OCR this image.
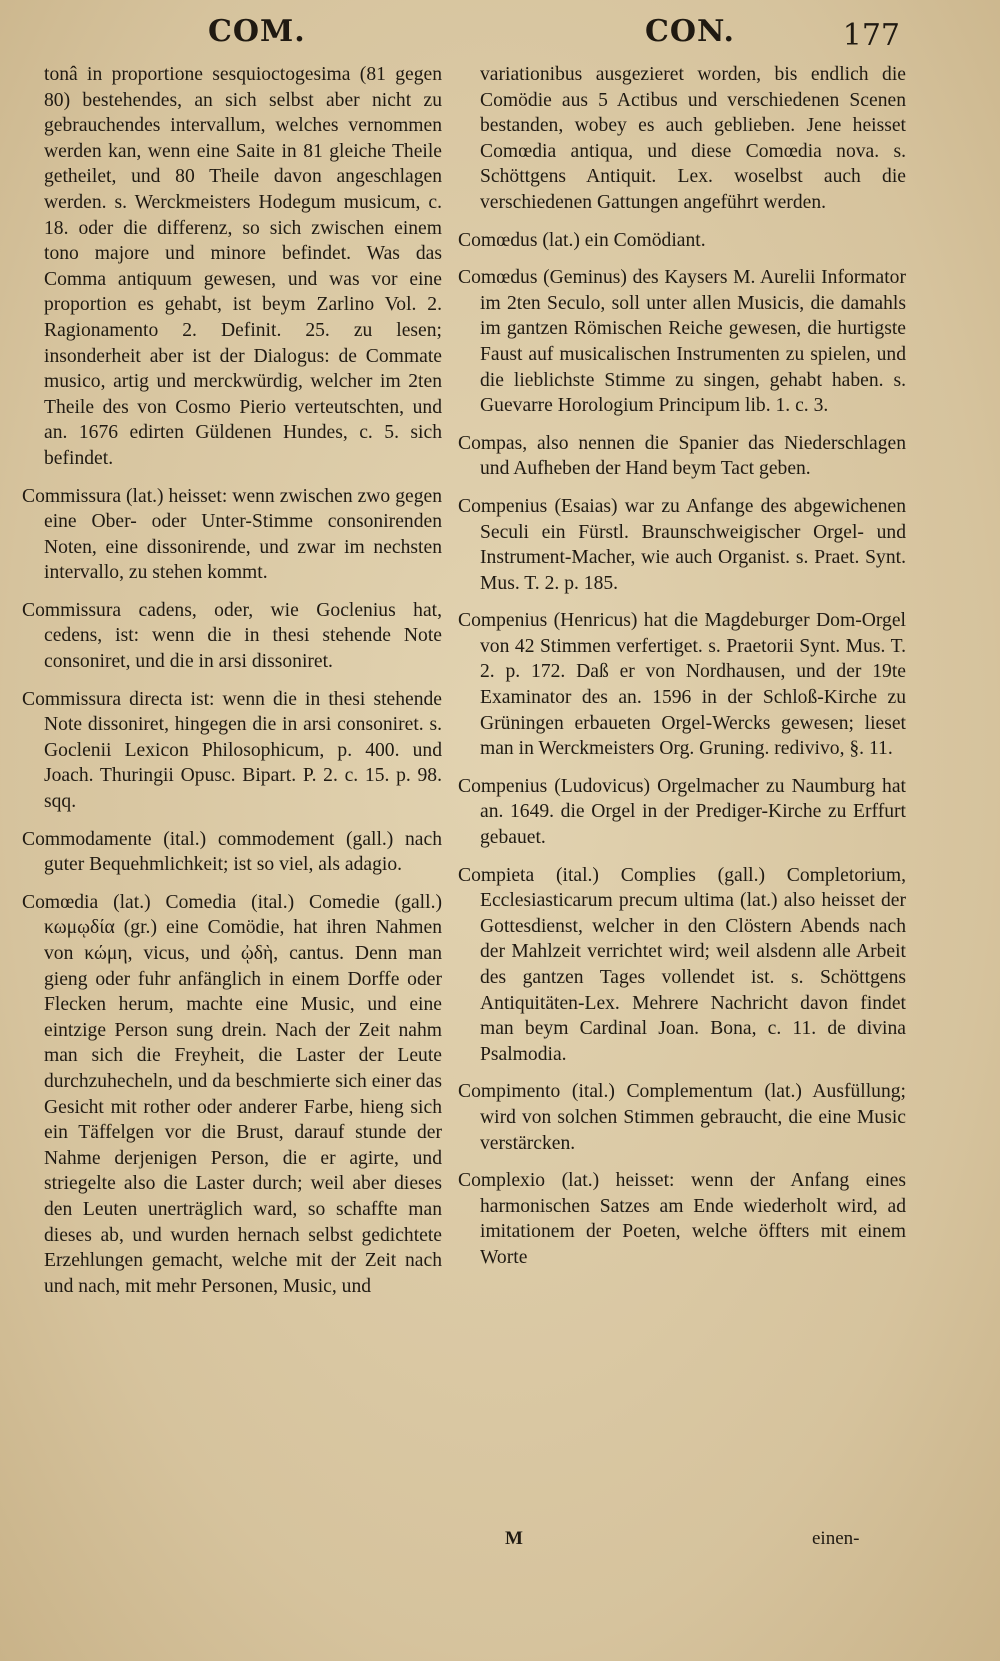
COM.	CON.	177

tonâ in proportione sesquioctogesima (81 gegen 80) bestehendes, an sich selbst aber nicht zu gebrauchendes intervallum, welches vernommen werden kan, wenn eine Saite in 81 gleiche Theile getheilet, und 80 Theile davon angeschlagen werden. s. Werckmeisters Hodegum musicum, c. 18. oder die differenz, so sich zwischen einem tono majore und minore befindet. Was das Comma antiquum gewesen, und was vor eine proportion es gehabt, ist beym Zarlino Vol. 2. Ragionamento 2. Definit. 25. zu lesen; insonderheit aber ist der Dialogus: de Commate musico, artig und merckwürdig, welcher im 2ten Theile des von Cosmo Pierio verteutschten, und an. 1676 edirten Güldenen Hundes, c. 5. sich befindet.

Commissura (lat.) heisset: wenn zwischen zwo gegen eine Ober- oder Unter-Stimme consonirenden Noten, eine dissonirende, und zwar im nechsten intervallo, zu stehen kommt.

Commissura cadens, oder, wie Goclenius hat, cedens, ist: wenn die in thesi stehende Note consoniret, und die in arsi dissoniret.

Commissura directa ist: wenn die in thesi stehende Note dissoniret, hingegen die in arsi consoniret. s. Goclenii Lexicon Philosophicum, p. 400. und Joach. Thuringii Opusc. Bipart. P. 2. c. 15. p. 98. sqq.

Commodamente (ital.) commodement (gall.) nach guter Bequehmlichkeit; ist so viel, als adagio.

Comœdia (lat.) Comedia (ital.) Comedie (gall.) κωμῳδία (gr.) eine Comödie, hat ihren Nahmen von κώμη, vicus, und ᾠδὴ, cantus. Denn man gieng oder fuhr anfänglich in einem Dorffe oder Flecken herum, machte eine Music, und eine eintzige Person sung drein. Nach der Zeit nahm man sich die Freyheit, die Laster der Leute durchzuhecheln, und da beschmierte sich einer das Gesicht mit rother oder anderer Farbe, hieng sich ein Täffelgen vor die Brust, darauf stunde der Nahme derjenigen Person, die er agirte, und striegelte also die Laster durch; weil aber dieses den Leuten unerträglich ward, so schaffte man dieses ab, und wurden hernach selbst gedichtete Erzehlungen gemacht, welche mit der Zeit nach und nach, mit mehr Personen, Music, und

variationibus ausgezieret worden, bis endlich die Comödie aus 5 Actibus und verschiedenen Scenen bestanden, wobey es auch geblieben. Jene heisset Comœdia antiqua, und diese Comœdia nova. s. Schöttgens Antiquit. Lex. woselbst auch die verschiedenen Gattungen angeführt werden.

Comœdus (lat.) ein Comödiant.

Comœdus (Geminus) des Kaysers M. Aurelii Informator im 2ten Seculo, soll unter allen Musicis, die damahls im gantzen Römischen Reiche gewesen, die hurtigste Faust auf musicalischen Instrumenten zu spielen, und die lieblichste Stimme zu singen, gehabt haben. s. Guevarre Horologium Principum lib. 1. c. 3.

Compas, also nennen die Spanier das Niederschlagen und Aufheben der Hand beym Tact geben.

Compenius (Esaias) war zu Anfange des abgewichenen Seculi ein Fürstl. Braunschweigischer Orgel- und Instrument-Macher, wie auch Organist. s. Praet. Synt. Mus. T. 2. p. 185.

Compenius (Henricus) hat die Magdeburger Dom-Orgel von 42 Stimmen verfertiget. s. Praetorii Synt. Mus. T. 2. p. 172. Daß er von Nordhausen, und der 19te Examinator des an. 1596 in der Schloß-Kirche zu Grüningen erbaueten Orgel-Wercks gewesen; lieset man in Werckmeisters Org. Gruning. redivivo, §. 11.

Compenius (Ludovicus) Orgelmacher zu Naumburg hat an. 1649. die Orgel in der Prediger-Kirche zu Erffurt gebauet.

Compieta (ital.) Complies (gall.) Completorium, Ecclesiasticarum precum ultima (lat.) also heisset der Gottesdienst, welcher in den Clöstern Abends nach der Mahlzeit verrichtet wird; weil alsdenn alle Arbeit des gantzen Tages vollendet ist. s. Schöttgens Antiquitäten-Lex. Mehrere Nachricht davon findet man beym Cardinal Joan. Bona, c. 11. de divina Psalmodia.

Compimento (ital.) Complementum (lat.) Ausfüllung; wird von solchen Stimmen gebraucht, die eine Music verstärcken.

Complexio (lat.) heisset: wenn der Anfang eines harmonischen Satzes am Ende wiederholt wird, ad imitationem der Poeten, welche öffters mit einem Worte

M	einen-
